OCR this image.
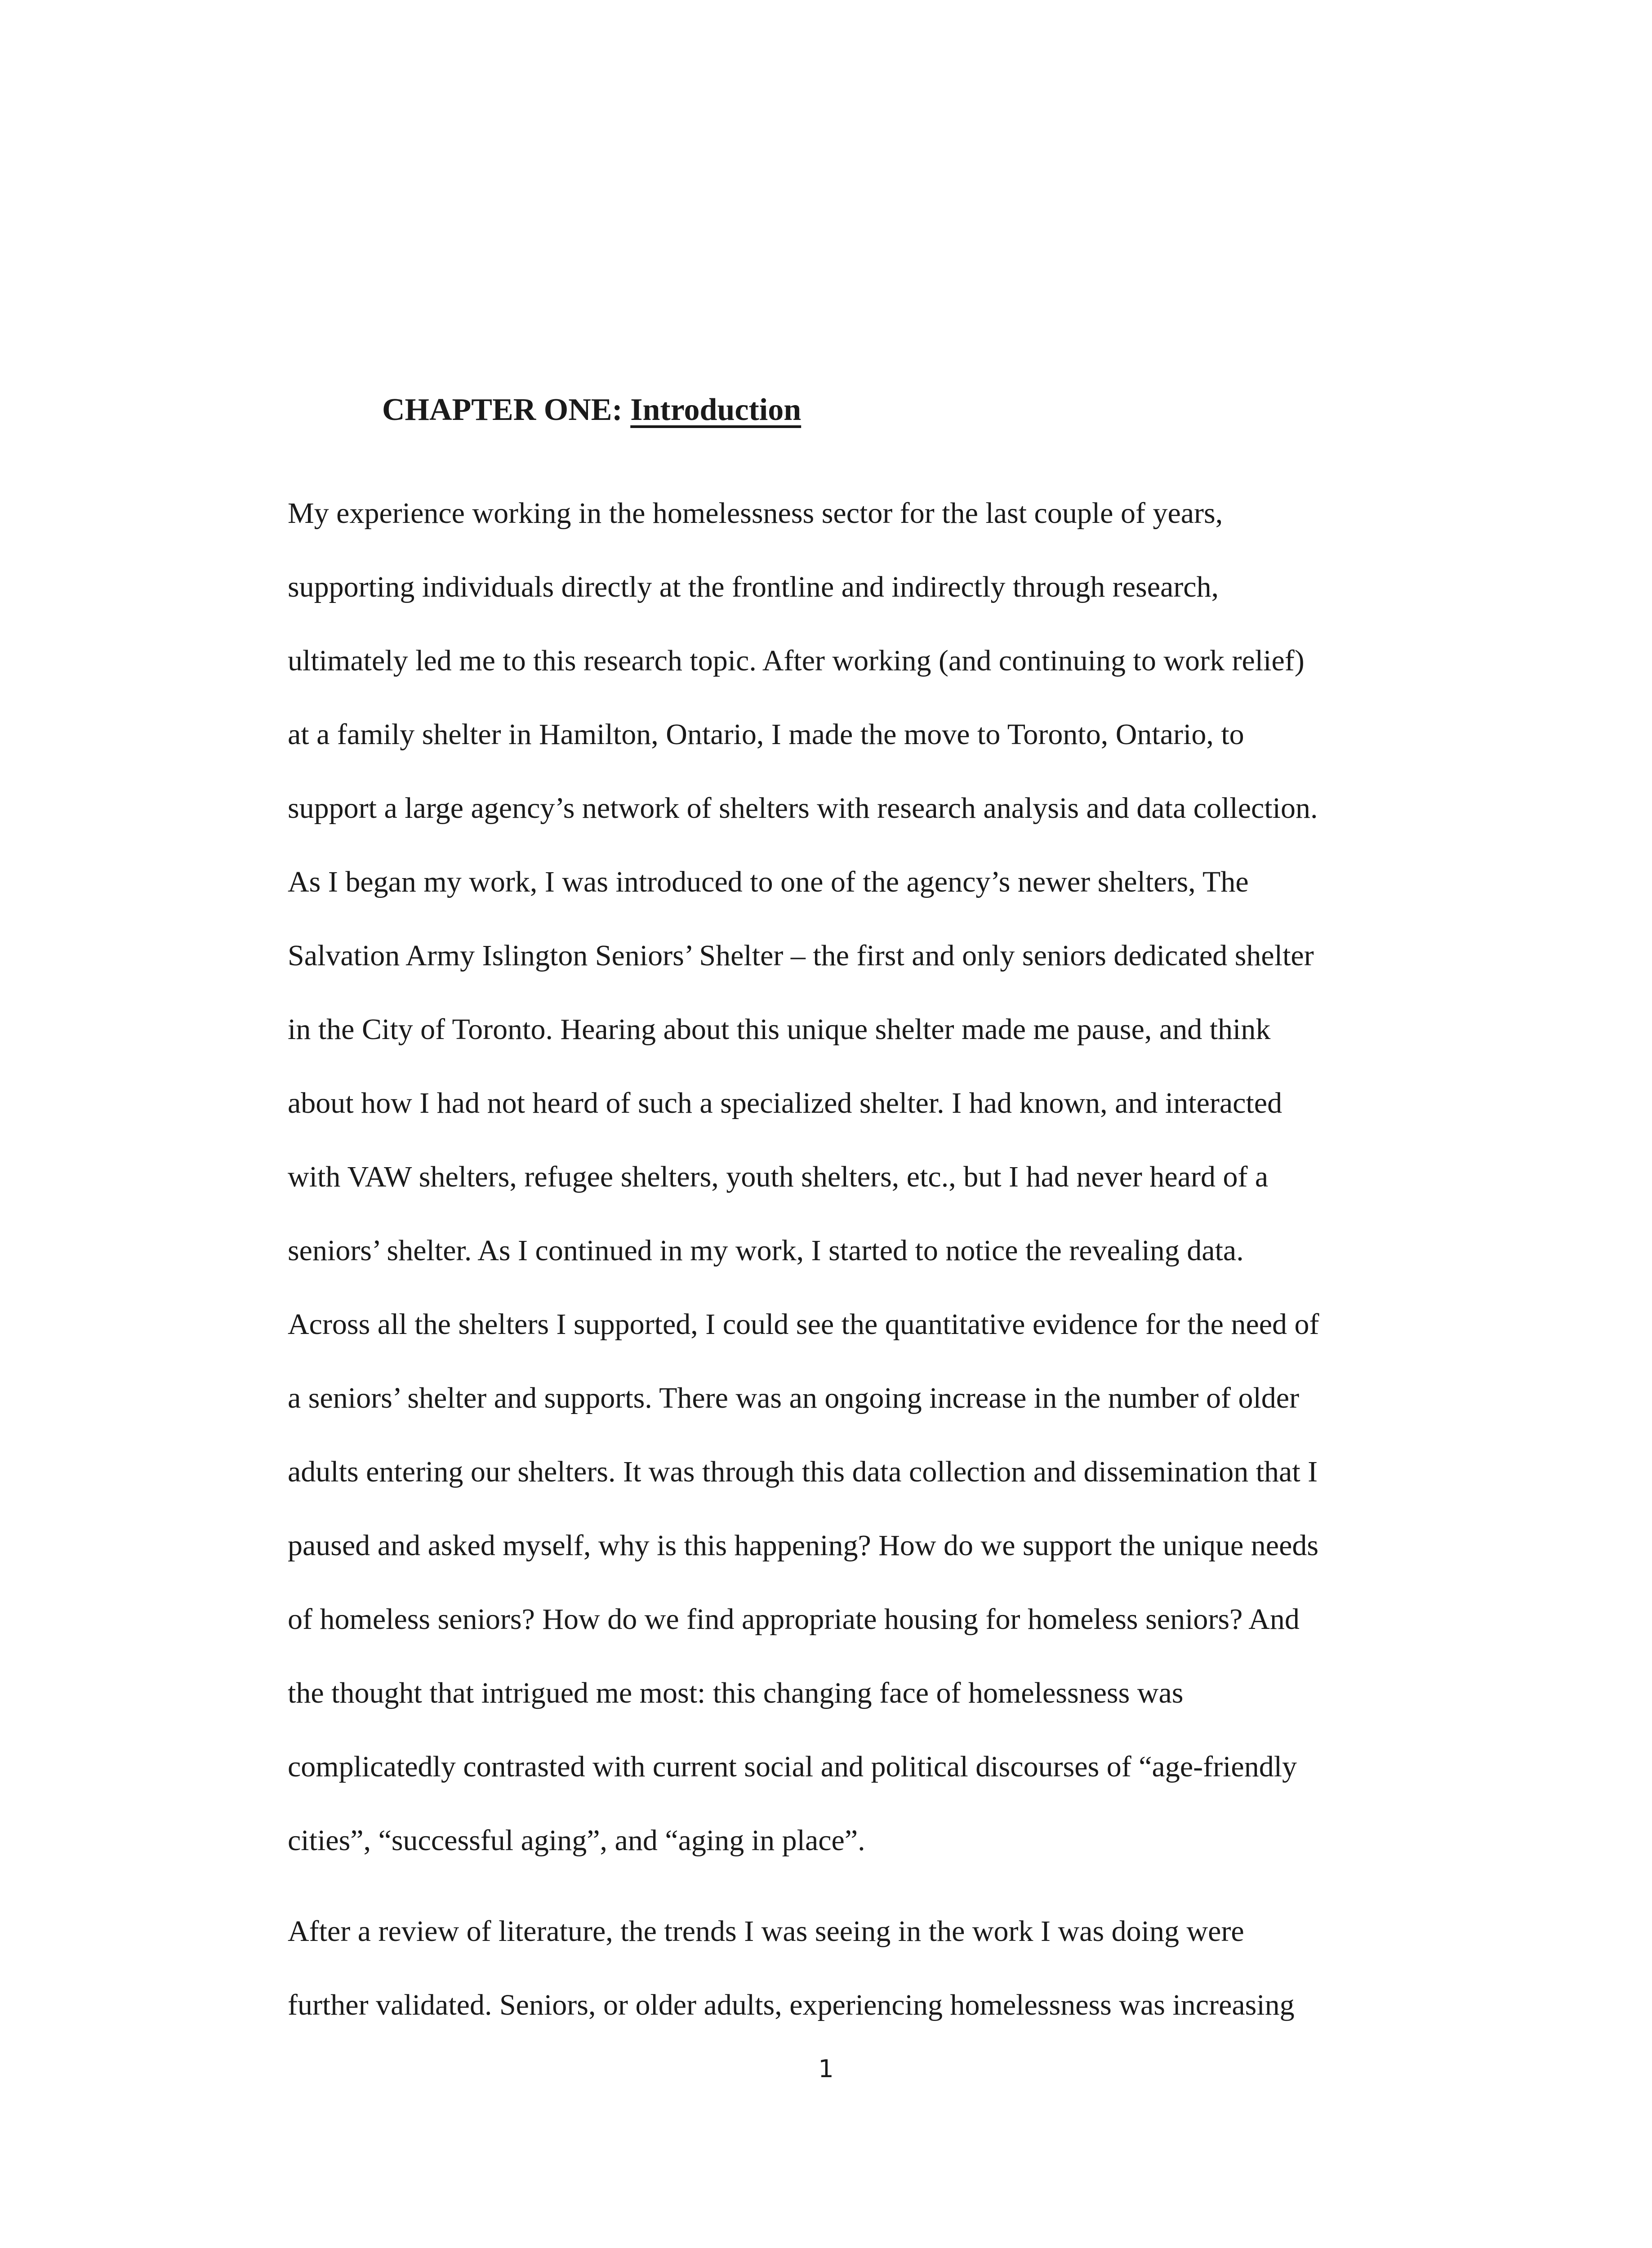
CHAPTER ONE: Introduction
My experience working in the homelessness sector for the last couple of years,
supporting individuals directly at the frontline and indirectly through research,
ultimately led me to this research topic. After working (and continuing to work relief)
at a family shelter in Hamilton, Ontario, I made the move to Toronto, Ontario, to
support a large agency’s network of shelters with research analysis and data collection.
As I began my work, I was introduced to one of the agency’s newer shelters, The
Salvation Army Islington Seniors’ Shelter – the first and only seniors dedicated shelter
in the City of Toronto. Hearing about this unique shelter made me pause, and think
about how I had not heard of such a specialized shelter. I had known, and interacted
with VAW shelters, refugee shelters, youth shelters, etc., but I had never heard of a
seniors’ shelter. As I continued in my work, I started to notice the revealing data.
Across all the shelters I supported, I could see the quantitative evidence for the need of
a seniors’ shelter and supports. There was an ongoing increase in the number of older
adults entering our shelters. It was through this data collection and dissemination that I
paused and asked myself, why is this happening? How do we support the unique needs
of homeless seniors? How do we find appropriate housing for homeless seniors? And
the thought that intrigued me most: this changing face of homelessness was
complicatedly contrasted with current social and political discourses of “age-friendly
cities”, “successful aging”, and “aging in place”.
After a review of literature, the trends I was seeing in the work I was doing were
further validated. Seniors, or older adults, experiencing homelessness was increasing
1
